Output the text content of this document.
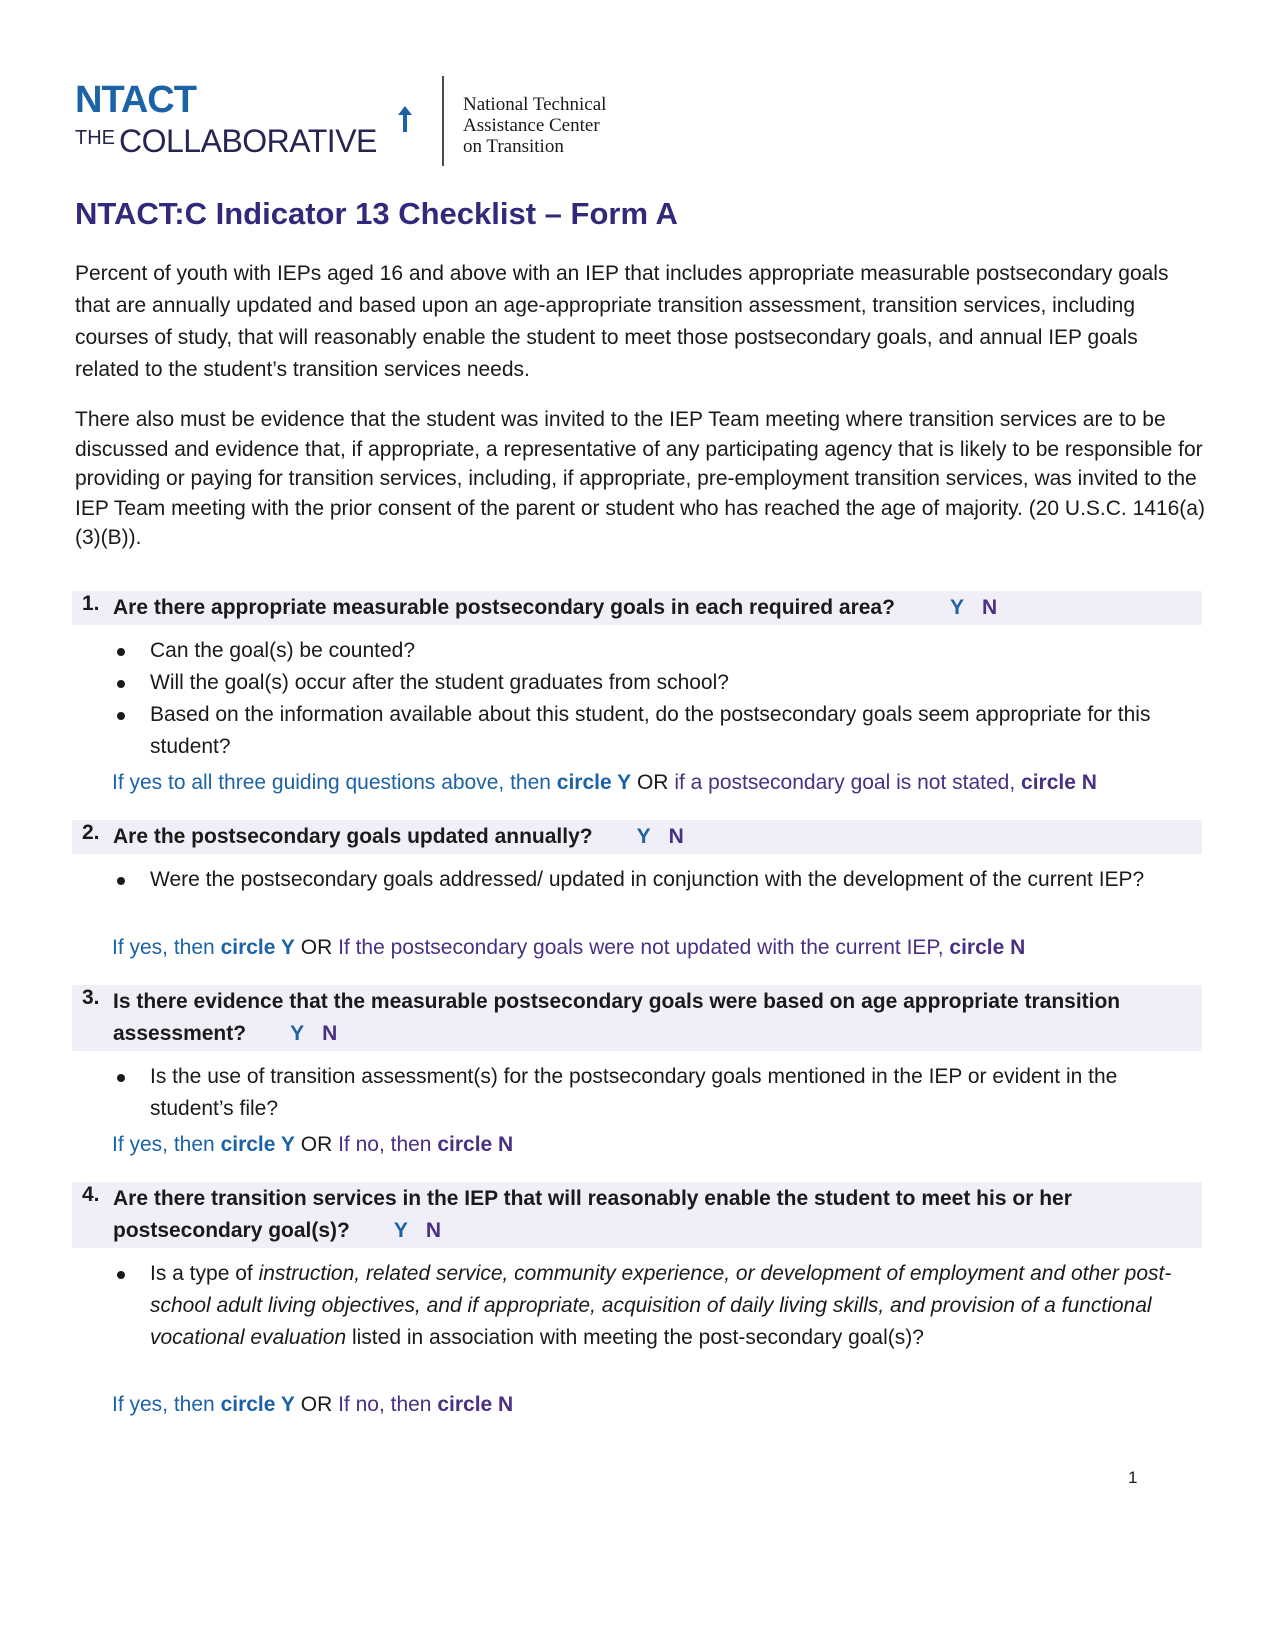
NTACT
$^{THE}$ COLLABORATIVE
National Technical
Assistance Center
on Transition
NTACT:C Indicator 13 Checklist – Form A

Percent of youth with IEPs aged 16 and above with an IEP that includes appropriate measurable postsecondary goals that are annually updated and based upon an age-appropriate transition assessment, transition services, including courses of study, that will reasonably enable the student to meet those postsecondary goals, and annual IEP goals related to the student’s transition services needs.

There also must be evidence that the student was invited to the IEP Team meeting where transition services are to be discussed and evidence that, if appropriate, a representative of any participating agency that is likely to be responsible for providing or paying for transition services, including, if appropriate, pre-employment transition services, was invited to the IEP Team meeting with the prior consent of the parent or student who has reached the age of majority. (20 U.S.C. 1416(a)(3)(B)).

1. Are there appropriate measurable postsecondary goals in each required area?	Y N
Can the goal(s) be counted?
Will the goal(s) occur after the student graduates from school?
Based on the information available about this student, do the postsecondary goals seem appropriate for this student?
If yes to all three guiding questions above, then circle Y OR if a postsecondary goal is not stated, circle N
2. Are the postsecondary goals updated annually? Y N
Were the postsecondary goals addressed/ updated in conjunction with the development of the current IEP?
If yes, then circle Y OR If the postsecondary goals were not updated with the current IEP, circle N
3. Is there evidence that the measurable postsecondary goals were based on age appropriate transition assessment? Y N
Is the use of transition assessment(s) for the postsecondary goals mentioned in the IEP or evident in the student’s file?
If yes, then circle Y OR If no, then circle N
4. Are there transition services in the IEP that will reasonably enable the student to meet his or her postsecondary goal(s)? Y N
Is a type of instruction, related service, community experience, or development of employment and other post-school adult living objectives, and if appropriate, acquisition of daily living skills, and provision of a functional vocational evaluation listed in association with meeting the post-secondary goal(s)?
If yes, then circle Y OR If no, then circle N
1
